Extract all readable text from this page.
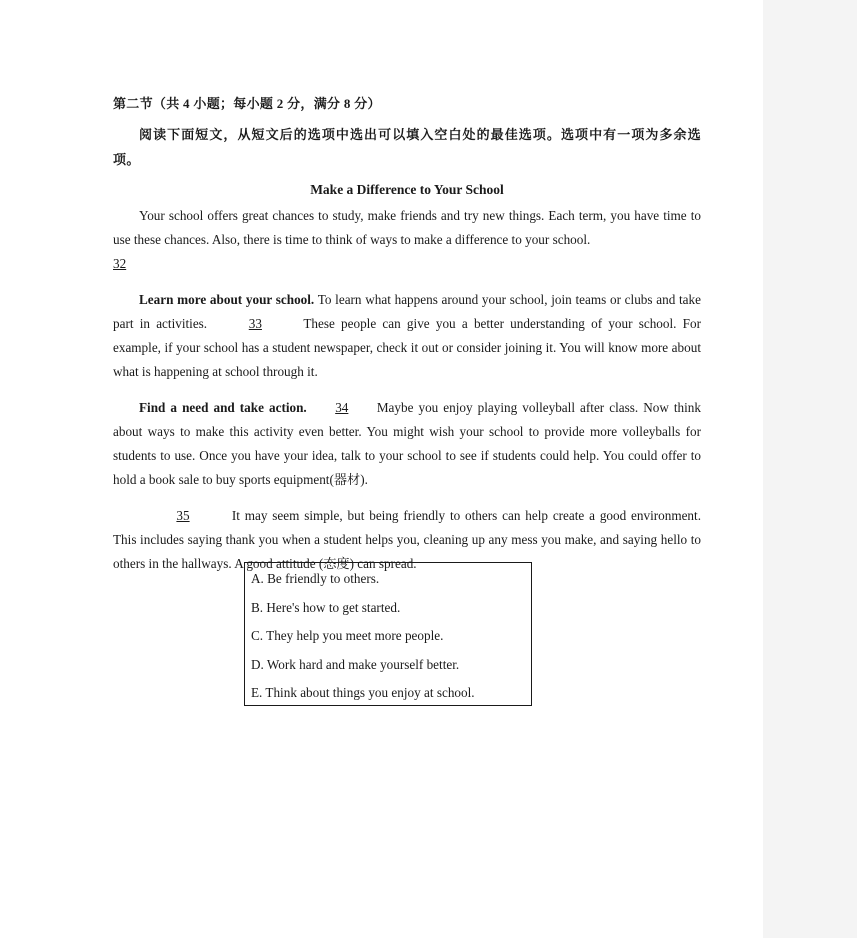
第二节（共 4 小题；每小题 2 分，满分 8 分）

阅读下面短文，从短文后的选项中选出可以填入空白处的最佳选项。选项中有一项为多余选项。

Make a Difference to Your School

Your school offers great chances to study, make friends and try new things. Each term, you have time to use these chances. Also, there is time to think of ways to make a difference to your school.
32

Learn more about your school. To learn what happens around your school, join teams or clubs and take part in activities.	33	These people can give you a better understanding of your school. For example, if your school has a student newspaper, check it out or consider joining it. You will know more about what is happening at school through it.

Find a need and take action. 34 Maybe you enjoy playing volleyball after class. Now think about ways to make this activity even better. You might wish your school to provide more volleyballs for students to use. Once you have your idea, talk to your school to see if students could help. You could offer to hold a book sale to buy sports equipment(器材).

35	It may seem simple, but being friendly to others can help create a good environment. This includes saying thank you when a student helps you, cleaning up any mess you make, and saying hello to others in the hallways. A good attitude (态度) can spread.

A. Be friendly to others.
B. Here's how to get started.
C. They help you meet more people.
D. Work hard and make yourself better.
E. Think about things you enjoy at school.
